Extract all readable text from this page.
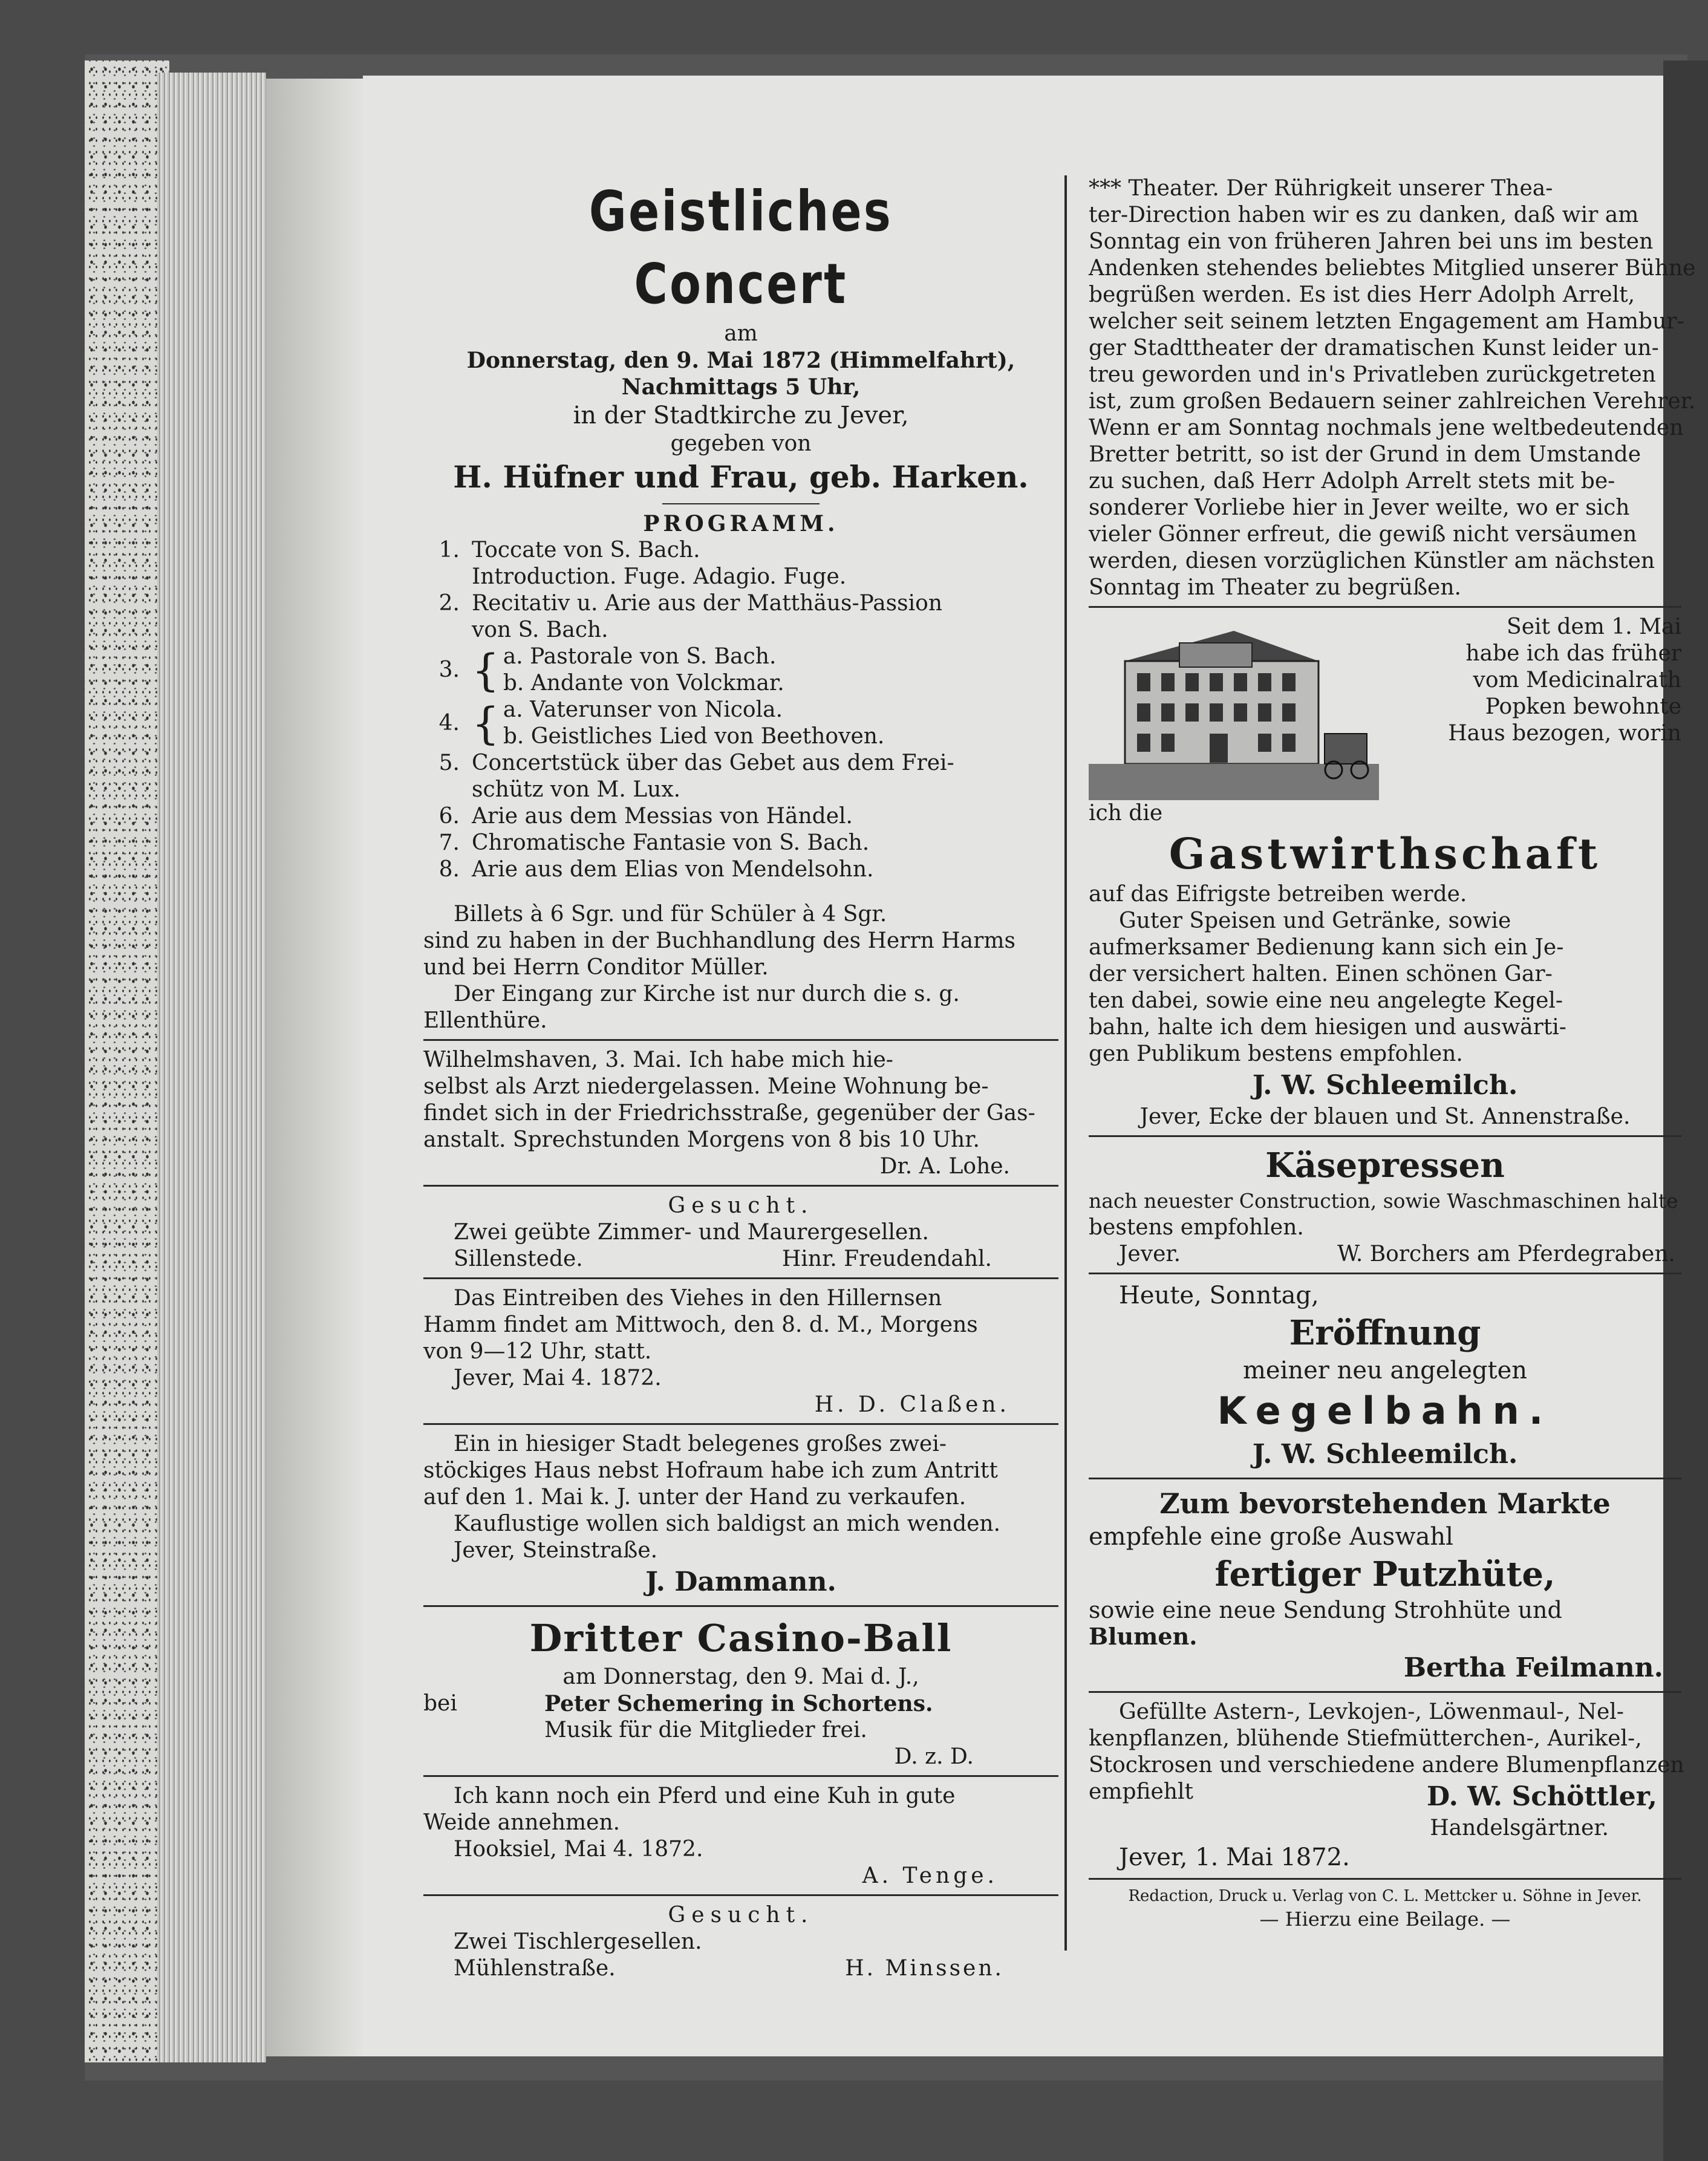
Geistliches Concert
am
Donnerstag, den 9. Mai 1872 (Himmelfahrt),
Nachmittags 5 Uhr,
in der Stadtkirche zu Jever,
gegeben von
H. Hüfner und Frau, geb. Harken.
PROGRAMM.
1. Toccate von S. Bach.
Introduction. Fuge. Adagio. Fuge.
2. Recitativ u. Arie aus der Matthäus-Passion
von S. Bach.
3. { a. Pastorale von S. Bach.
b. Andante von Volckmar.
4. { a. Vaterunser von Nicola.
b. Geistliches Lied von Beethoven.
5. Concertstück über das Gebet aus dem Frei-
schütz von M. Lux.
6. Arie aus dem Messias von Händel.
7. Chromatische Fantasie von S. Bach.
8. Arie aus dem Elias von Mendelsohn.
Billets à 6 Sgr. und für Schüler à 4 Sgr.
sind zu haben in der Buchhandlung des Herrn Harms
und bei Herrn Conditor Müller.
Der Eingang zur Kirche ist nur durch die s. g.
Ellenthüre.
Wilhelmshaven, 3. Mai. Ich habe mich hie-
selbst als Arzt niedergelassen. Meine Wohnung be-
findet sich in der Friedrichsstraße, gegenüber der Gas-
anstalt. Sprechstunden Morgens von 8 bis 10 Uhr.
Dr. A. Lohe.
Gesucht.
Zwei geübte Zimmer- und Maurergesellen.
Sillenstede.	Hinr. Freudendahl.
Das Eintreiben des Viehes in den Hillernsen
Hamm findet am Mittwoch, den 8. d. M., Morgens
von 9—12 Uhr, statt.
Jever, Mai 4. 1872.
H. D. Claßen.
Ein in hiesiger Stadt belegenes großes zwei-
stöckiges Haus nebst Hofraum habe ich zum Antritt
auf den 1. Mai k. J. unter der Hand zu verkaufen.
Kauflustige wollen sich baldigst an mich wenden.
Jever, Steinstraße.
J. Dammann.
Dritter Casino-Ball
am Donnerstag, den 9. Mai d. J.,
bei	Peter Schemering in Schortens.
Musik für die Mitglieder frei.
D. z. D.
Ich kann noch ein Pferd und eine Kuh in gute
Weide annehmen.
Hooksiel, Mai 4. 1872.
A. Tenge.
Gesucht.
Zwei Tischlergesellen.
Mühlenstraße.	H. Minssen.
*** Theater. Der Rührigkeit unserer Thea-
ter-Direction haben wir es zu danken, daß wir am
Sonntag ein von früheren Jahren bei uns im besten
Andenken stehendes beliebtes Mitglied unserer Bühne
begrüßen werden. Es ist dies Herr Adolph Arrelt,
welcher seit seinem letzten Engagement am Hambur-
ger Stadttheater der dramatischen Kunst leider un-
treu geworden und in's Privatleben zurückgetreten
ist, zum großen Bedauern seiner zahlreichen Verehrer.
Wenn er am Sonntag nochmals jene weltbedeutenden
Bretter betritt, so ist der Grund in dem Umstande
zu suchen, daß Herr Adolph Arrelt stets mit be-
sonderer Vorliebe hier in Jever weilte, wo er sich
vieler Gönner erfreut, die gewiß nicht versäumen
werden, diesen vorzüglichen Künstler am nächsten
Sonntag im Theater zu begrüßen.
Seit dem 1. Mai
habe ich das früher
vom Medicinalrath
Popken bewohnte
Haus bezogen, worin
ich die
Gastwirthschaft
auf das Eifrigste betreiben werde.
Guter Speisen und Getränke, sowie
aufmerksamer Bedienung kann sich ein Je-
der versichert halten. Einen schönen Gar-
ten dabei, sowie eine neu angelegte Kegel-
bahn, halte ich dem hiesigen und auswärti-
gen Publikum bestens empfohlen.
J. W. Schleemilch.
Jever, Ecke der blauen und St. Annenstraße.
Käsepressen
nach neuester Construction, sowie Waschmaschinen halte
bestens empfohlen.
Jever.	W. Borchers am Pferdegraben.
Heute, Sonntag,
Eröffnung
meiner neu angelegten
Kegelbahn.
J. W. Schleemilch.
Zum bevorstehenden Markte
empfehle eine große Auswahl
fertiger Putzhüte,
sowie eine neue Sendung Strohhüte und
Blumen.
Bertha Feilmann.
Gefüllte Astern-, Levkojen-, Löwenmaul-, Nel-
kenpflanzen, blühende Stiefmütterchen-, Aurikel-,
Stockrosen und verschiedene andere Blumenpflanzen
empfiehlt	D. W. Schöttler,
Handelsgärtner.
Jever, 1. Mai 1872.
Redaction, Druck u. Verlag von C. L. Mettcker u. Söhne in Jever.
— Hierzu eine Beilage. —
